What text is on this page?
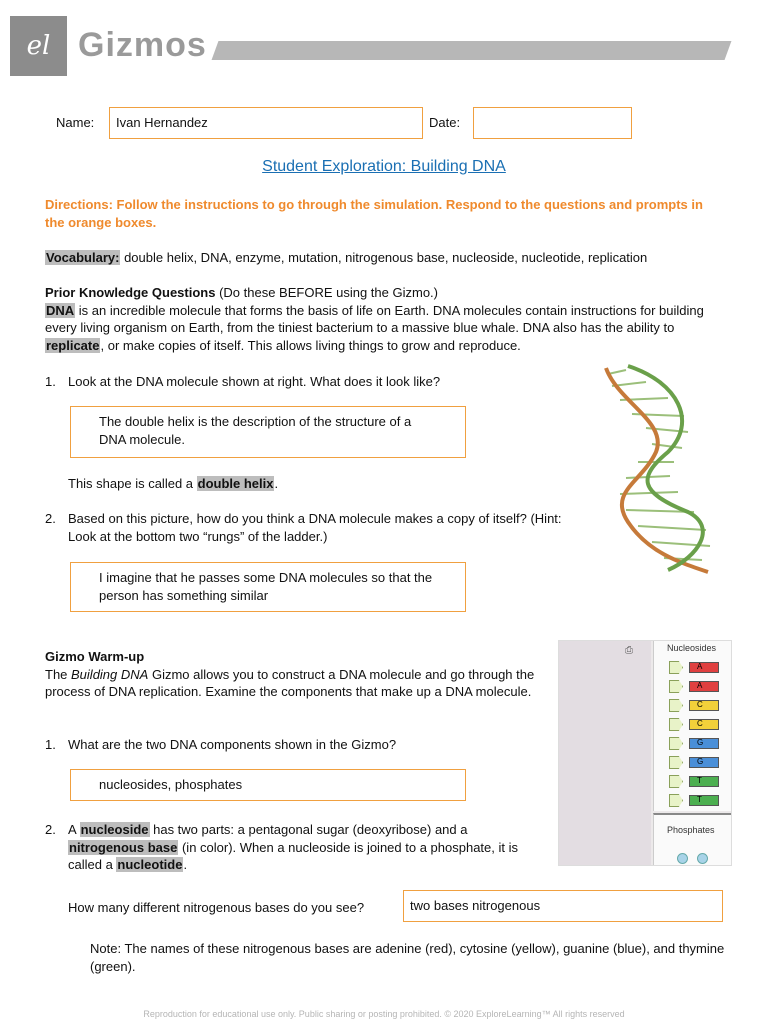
el Gizmos
Name:	Ivan Hernandez	Date:
Student Exploration: Building DNA
Directions: Follow the instructions to go through the simulation. Respond to the questions and prompts in the orange boxes.
Vocabulary: double helix, DNA, enzyme, mutation, nitrogenous base, nucleoside, nucleotide, replication
Prior Knowledge Questions (Do these BEFORE using the Gizmo.)
DNA is an incredible molecule that forms the basis of life on Earth. DNA molecules contain instructions for building every living organism on Earth, from the tiniest bacterium to a massive blue whale. DNA also has the ability to replicate, or make copies of itself. This allows living things to grow and reproduce.
1. Look at the DNA molecule shown at right. What does it look like?
The double helix is the description of the structure of a DNA molecule.
This shape is called a double helix.
2. Based on this picture, how do you think a DNA molecule makes a copy of itself? (Hint: Look at the bottom two “rungs” of the ladder.)
I imagine that he passes some DNA molecules so that the person has something similar
Gizmo Warm-up
The Building DNA Gizmo allows you to construct a DNA molecule and go through the process of DNA replication. Examine the components that make up a DNA molecule.
1. What are the two DNA components shown in the Gizmo?
nucleosides, phosphates
2. A nucleoside has two parts: a pentagonal sugar (deoxyribose) and a nitrogenous base (in color). When a nucleoside is joined to a phosphate, it is called a nucleotide.
How many different nitrogenous bases do you see?	two bases nitrogenous
Note: The names of these nitrogenous bases are adenine (red), cytosine (yellow), guanine (blue), and thymine (green).
⎙	Nucleosides
A
A
C
C
G
G
T
T
Phosphates
Reproduction for educational use only. Public sharing or posting prohibited. © 2020 ExploreLearning™ All rights reserved
